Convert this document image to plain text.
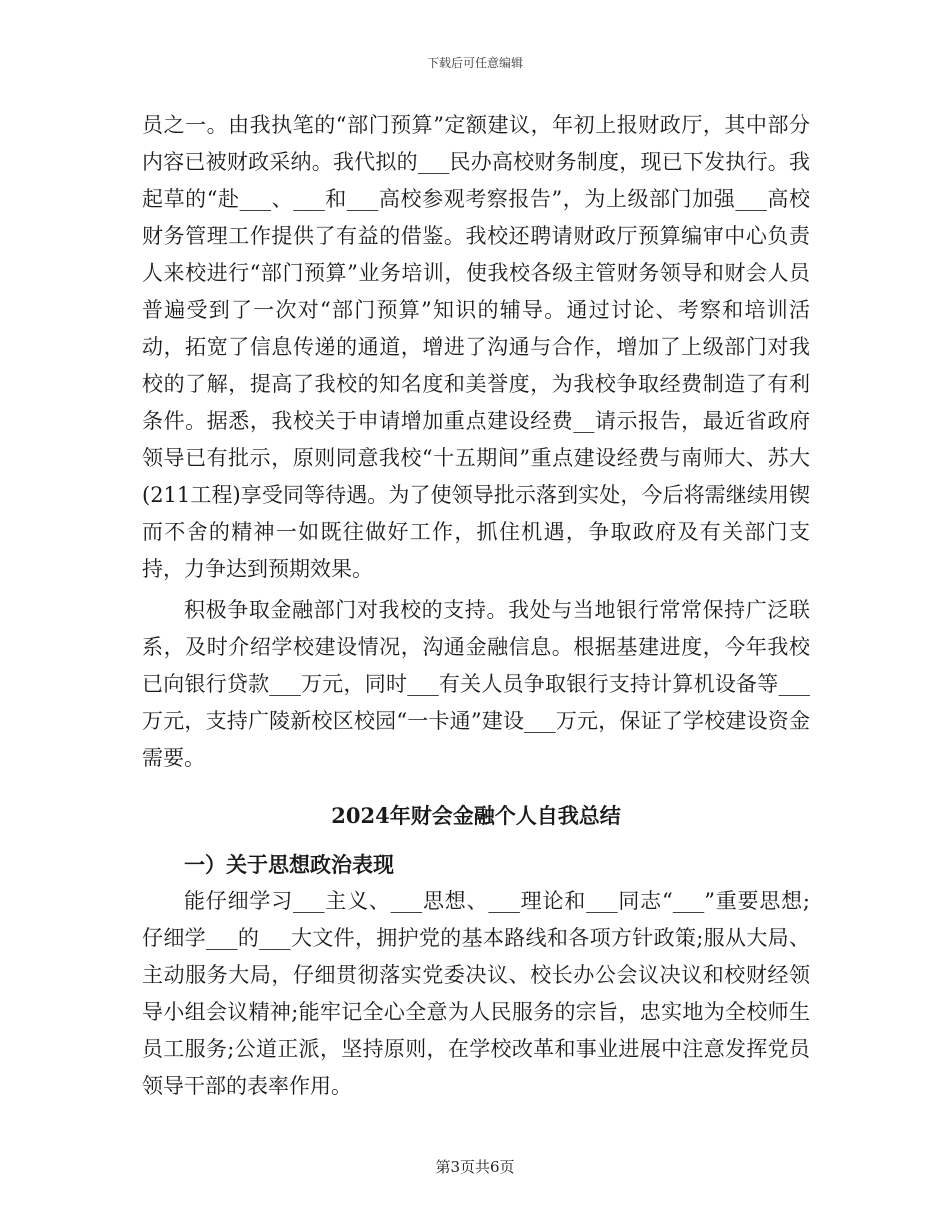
下载后可任意编辑

员之一。由我执笔的“部门预算”定额建议，年初上报财政厅，其中部分内容已被财政采纳。我代拟的___民办高校财务制度，现已下发执行。我起草的“赴___、___和___高校参观考察报告”，为上级部门加强___高校财务管理工作提供了有益的借鉴。我校还聘请财政厅预算编审中心负责人来校进行“部门预算”业务培训，使我校各级主管财务领导和财会人员普遍受到了一次对“部门预算”知识的辅导。通过讨论、考察和培训活动，拓宽了信息传递的通道，增进了沟通与合作，增加了上级部门对我校的了解，提高了我校的知名度和美誉度，为我校争取经费制造了有利条件。据悉，我校关于申请增加重点建设经费__请示报告，最近省政府领导已有批示，原则同意我校“十五期间”重点建设经费与南师大、苏大(211工程)享受同等待遇。为了使领导批示落到实处，今后将需继续用锲而不舍的精神一如既往做好工作，抓住机遇，争取政府及有关部门支持，力争达到预期效果。

积极争取金融部门对我校的支持。我处与当地银行常常保持广泛联系，及时介绍学校建设情况，沟通金融信息。根据基建进度，今年我校已向银行贷款___万元，同时___有关人员争取银行支持计算机设备等___万元，支持广陵新校区校园“一卡通”建设___万元，保证了学校建设资金需要。

2024年财会金融个人自我总结
一）关于思想政治表现

能仔细学习___主义、___思想、___理论和___同志“___”重要思想;仔细学___的___大文件，拥护党的基本路线和各项方针政策;服从大局、主动服务大局，仔细贯彻落实党委决议、校长办公会议决议和校财经领导小组会议精神;能牢记全心全意为人民服务的宗旨，忠实地为全校师生员工服务;公道正派，坚持原则，在学校改革和事业进展中注意发挥党员领导干部的表率作用。

第3页共6页
